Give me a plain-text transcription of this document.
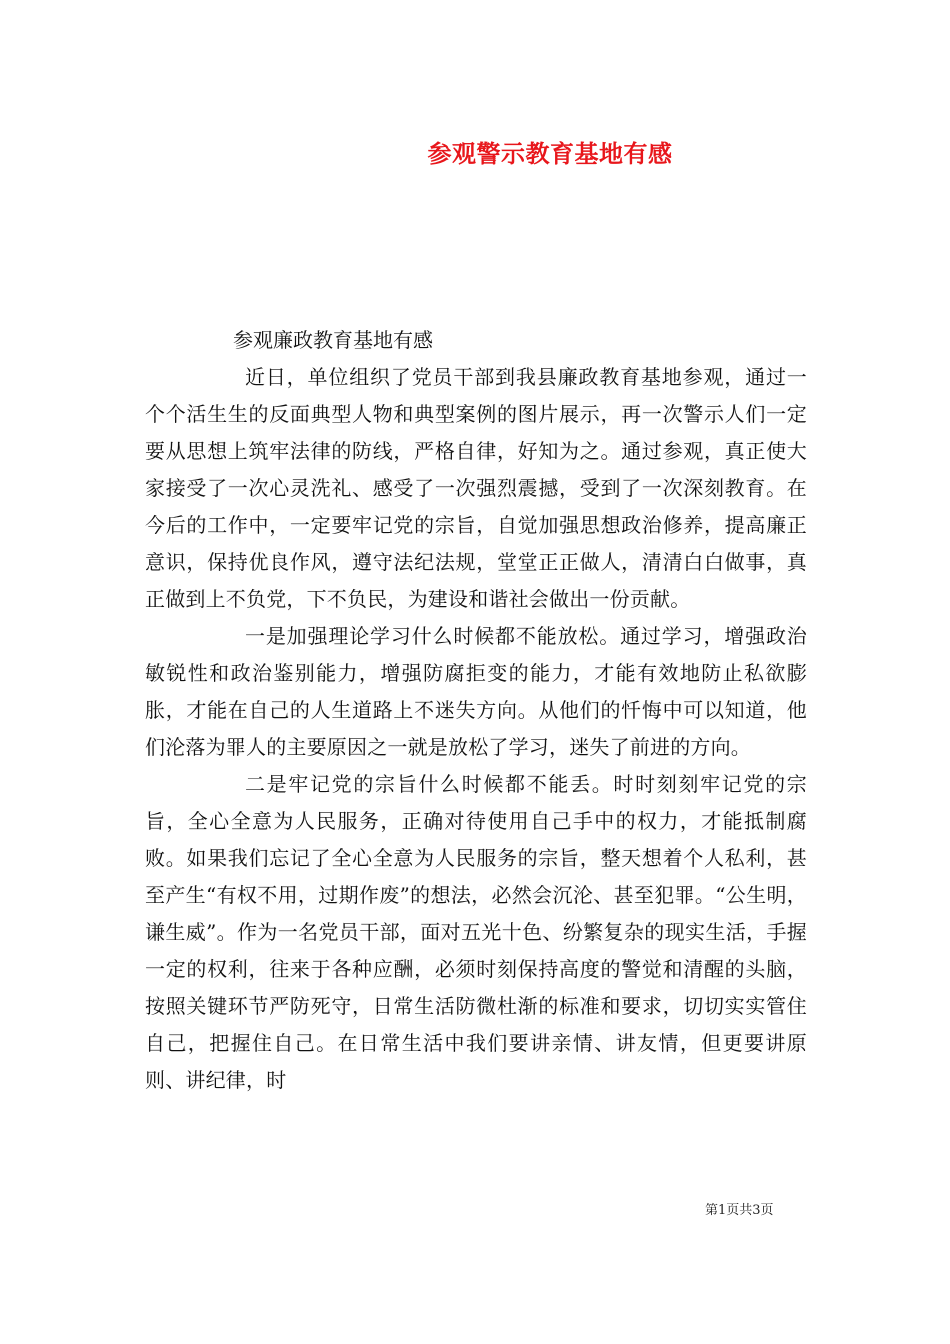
参观警示教育基地有感

参观廉政教育基地有感

近日，单位组织了党员干部到我县廉政教育基地参观，通过一个个活生生的反面典型人物和典型案例的图片展示，再一次警示人们一定要从思想上筑牢法律的防线，严格自律，好知为之。通过参观，真正使大家接受了一次心灵洗礼、感受了一次强烈震撼，受到了一次深刻教育。在今后的工作中，一定要牢记党的宗旨，自觉加强思想政治修养，提高廉正意识，保持优良作风，遵守法纪法规，堂堂正正做人，清清白白做事，真正做到上不负党，下不负民，为建设和谐社会做出一份贡献。

一是加强理论学习什么时候都不能放松。通过学习，增强政治敏锐性和政治鉴别能力，增强防腐拒变的能力，才能有效地防止私欲膨胀，才能在自己的人生道路上不迷失方向。从他们的忏悔中可以知道，他们沦落为罪人的主要原因之一就是放松了学习，迷失了前进的方向。

二是牢记党的宗旨什么时候都不能丢。时时刻刻牢记党的宗旨，全心全意为人民服务，正确对待使用自己手中的权力，才能抵制腐败。如果我们忘记了全心全意为人民服务的宗旨，整天想着个人私利，甚至产生“有权不用，过期作废”的想法，必然会沉沦、甚至犯罪。“公生明，谦生威”。作为一名党员干部，面对五光十色、纷繁复杂的现实生活，手握一定的权利，往来于各种应酬，必须时刻保持高度的警觉和清醒的头脑，按照关键环节严防死守，日常生活防微杜渐的标准和要求，切切实实管住自己，把握住自己。在日常生活中我们要讲亲情、讲友情，但更要讲原则、讲纪律，时

第1页共3页
